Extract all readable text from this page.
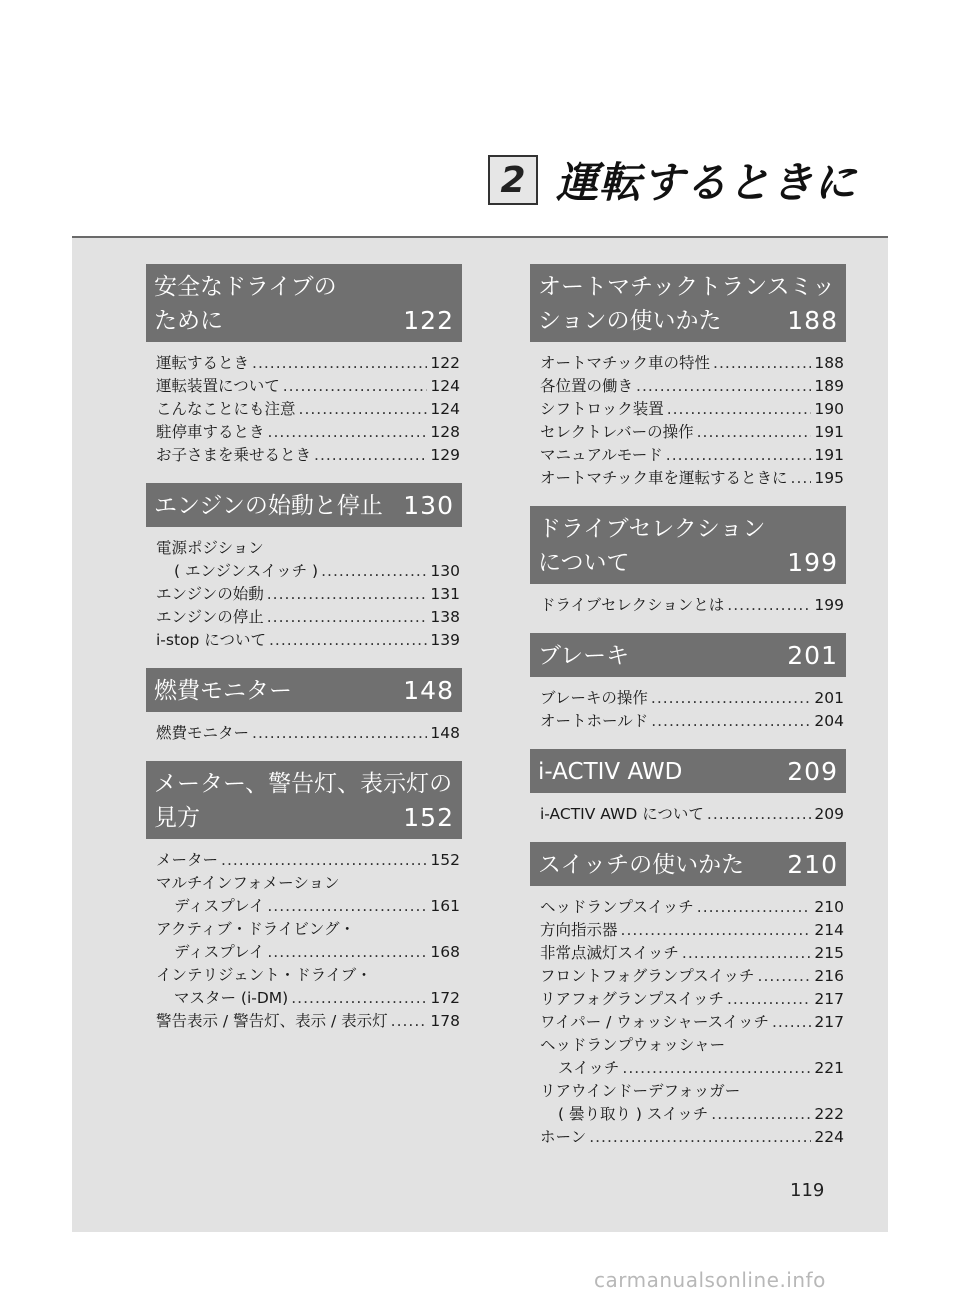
2 運転するときに
安全なドライブの
ために	122
運転するとき .....	122
運転装置について .....	124
こんなことにも注意 .....	124
駐停車するとき .....	128
お子さまを乗せるとき .....	129
エンジンの始動と停止 130
電源ポジション
( エンジンスイッチ ) .....	130
エンジンの始動 .....	131
エンジンの停止 .....	138
i-stop について .....	139
燃費モニター	148
燃費モニター .....	148
メーター、警告灯、表示灯の
見方	152
メーター .....	152
マルチインフォメーション
ディスプレイ .....	161
アクティブ・ドライビング・
ディスプレイ .....	168
インテリジェント・ドライブ・
マスター (i-DM) .....	172
警告表示 / 警告灯、表示 / 表示灯 .....	178
オートマチックトランスミッ
ションの使いかた	188
オートマチック車の特性 .....	188
各位置の働き .....	189
シフトロック装置 .....	190
セレクトレバーの操作 .....	191
マニュアルモード .....	191
オートマチック車を運転するときに ..... 195
ドライブセレクション
について	199
ドライブセレクションとは .....	199
ブレーキ	201
ブレーキの操作 .....	201
オートホールド .....	204
i-ACTIV AWD	209
i-ACTIV AWD について .....	209
スイッチの使いかた 210
ヘッドランプスイッチ .....	210
方向指示器 .....	214
非常点滅灯スイッチ .....	215
フロントフォグランプスイッチ .....	216
リアフォグランプスイッチ .....	217
ワイパー / ウォッシャースイッチ .....	217
ヘッドランプウォッシャー
スイッチ .....	221
リアウインドーデフォッガー
( 曇り取り ) スイッチ .....	222
ホーン .....	224
119
carmanualsonline.info
